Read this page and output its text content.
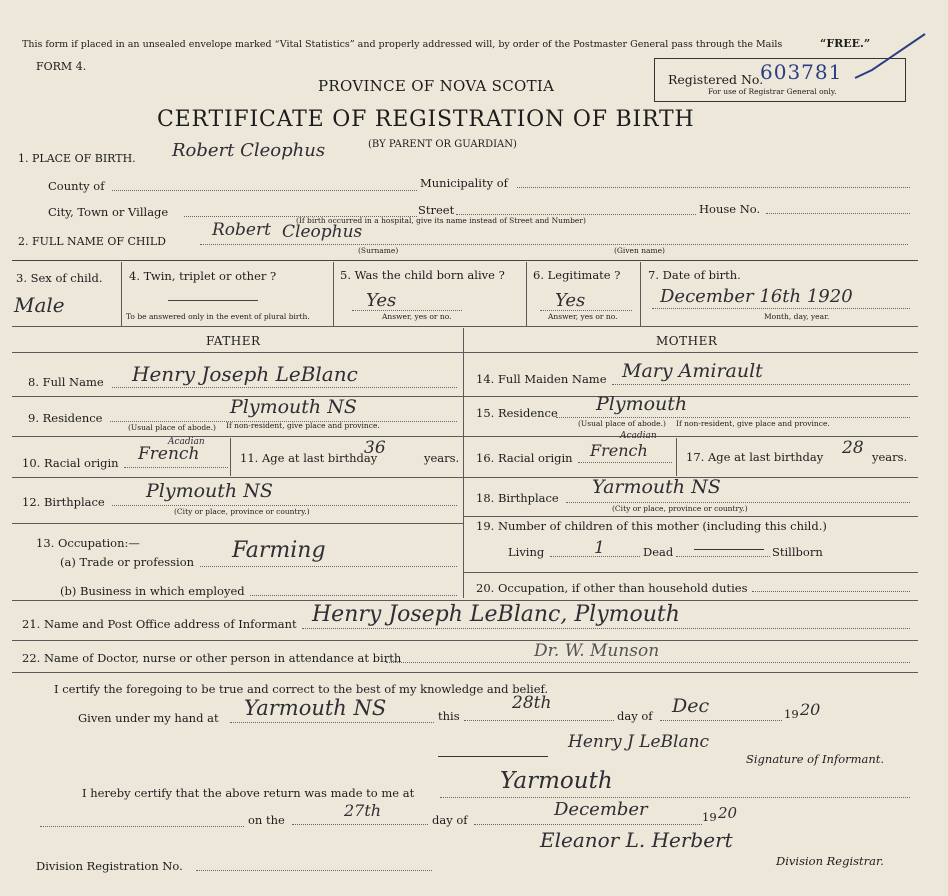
This form if placed in an unsealed envelope marked “Vital Statistics” and properly addressed will, by order of the Postmaster General pass through the Mails	“FREE.”
FORM 4.
PROVINCE OF NOVA SCOTIA
CERTIFICATE OF REGISTRATION OF BIRTH
(BY PARENT OR GUARDIAN)
Registered No.
603781
For use of Registrar General only.
1. PLACE OF BIRTH. Robert Cleophus
County of	Municipality of
City, Town or Village	Street	House No.
(If birth occurred in a hospital, give its name instead of Street and Number)
2. FULL NAME OF CHILD
Robert Cleophus
(Surname)	(Given name)
3. Sex of child.
Male
4. Twin, triplet or other ?
To be answered only in the event of plural birth.
5. Was the child born alive ?
Yes
Answer, yes or no.
6. Legitimate ?
Yes
Answer, yes or no.
7. Date of birth.
December 16th 1920
Month, day, year.
FATHER	MOTHER
8. Full Name Henry Joseph LeBlanc
9. Residence	Plymouth NS
(Usual place of abode.) If non-resident, give place and province.
10. Racial origin French
Acadian
11. Age at last birthday
36	years.
12. Birthplace Plymouth NS
(City or place, province or country.)
13. Occupation:—
(a) Trade or profession Farming
(b) Business in which employed
14. Full Maiden Name Mary Amirault
15. Residence Plymouth
(Usual place of abode.) If non-resident, give place and province.
16. Racial origin French
Acadian
17. Age at last birthday 28 years.
18. Birthplace Yarmouth NS
(City or place, province or country.)
19. Number of children of this mother (including this child.)
Living	1	Dead	Stillborn
20. Occupation, if other than household duties
21. Name and Post Office address of Informant Henry Joseph LeBlanc, Plymouth
22. Name of Doctor, nurse or other person in attendance at birth	Dr. W. Munson
I certify the foregoing to be true and correct to the best of my knowledge and belief.
Given under my hand at Yarmouth NS	this
28th
day of Dec	19 20
Henry J LeBlanc
Signature of Informant.
I hereby certify that the above return was made to me at	Yarmouth
on the	27th	day of	December	19 20
Eleanor L. Herbert
Division Registration No.	Division Registrar.
